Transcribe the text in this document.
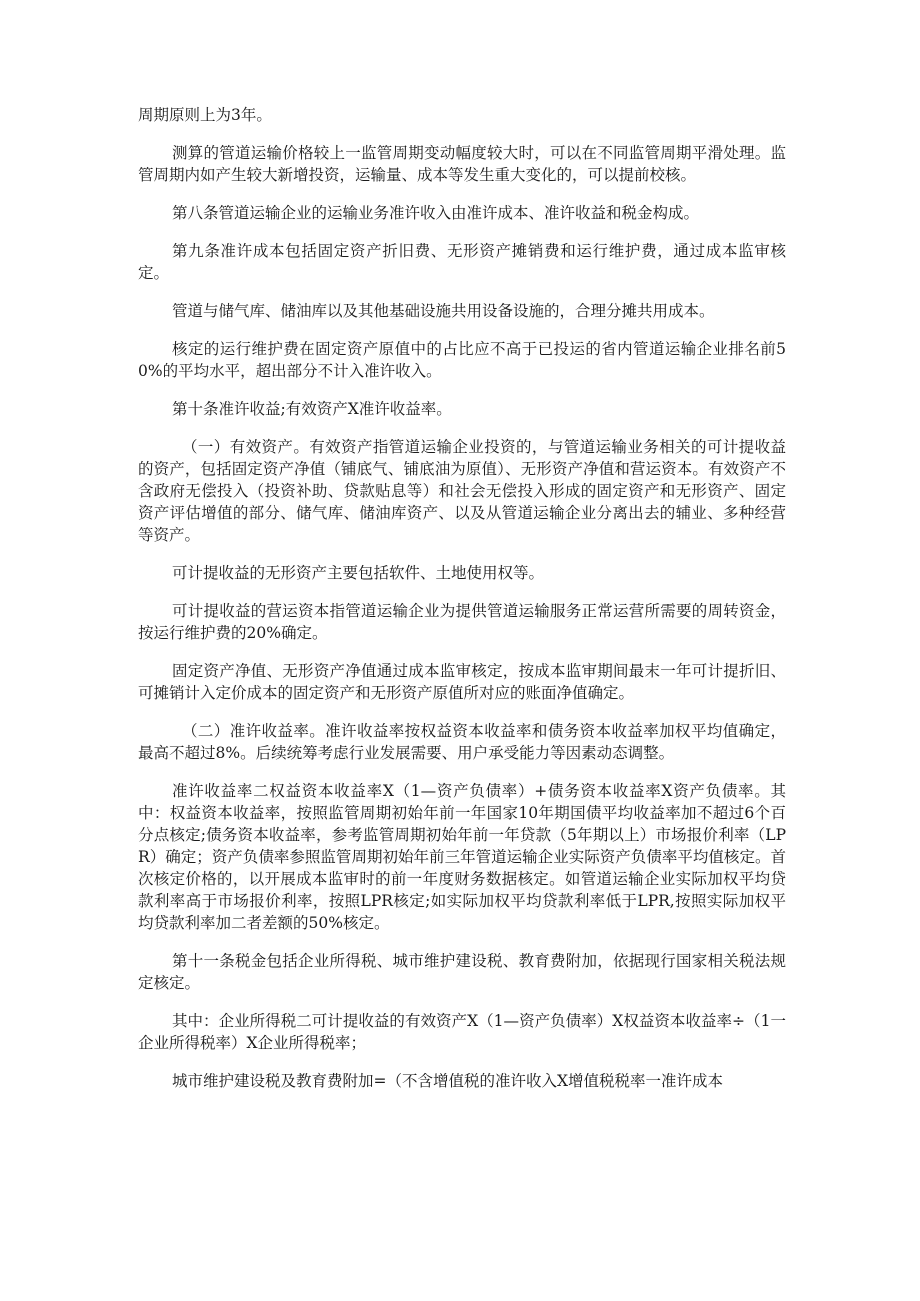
周期原则上为3年。

测算的管道运输价格较上一监管周期变动幅度较大时，可以在不同监管周期平滑处理。监管周期内如产生较大新增投资，运输量、成本等发生重大变化的，可以提前校核。

第八条管道运输企业的运输业务准许收入由准许成本、准许收益和税金构成。

第九条准许成本包括固定资产折旧费、无形资产摊销费和运行维护费，通过成本监审核定。

管道与储气库、储油库以及其他基础设施共用设备设施的，合理分摊共用成本。

核定的运行维护费在固定资产原值中的占比应不高于已投运的省内管道运输企业排名前50%的平均水平，超出部分不计入准许收入。

第十条准许收益;有效资产X准许收益率。

（一）有效资产。有效资产指管道运输企业投资的，与管道运输业务相关的可计提收益的资产，包括固定资产净值（铺底气、铺底油为原值）、无形资产净值和营运资本。有效资产不含政府无偿投入（投资补助、贷款贴息等）和社会无偿投入形成的固定资产和无形资产、固定资产评估增值的部分、储气库、储油库资产、以及从管道运输企业分离出去的辅业、多种经营等资产。

可计提收益的无形资产主要包括软件、土地使用权等。

可计提收益的营运资本指管道运输企业为提供管道运输服务正常运营所需要的周转资金，按运行维护费的20%确定。

固定资产净值、无形资产净值通过成本监审核定，按成本监审期间最末一年可计提折旧、可摊销计入定价成本的固定资产和无形资产原值所对应的账面净值确定。

（二）准许收益率。准许收益率按权益资本收益率和债务资本收益率加权平均值确定，最高不超过8%。后续统筹考虑行业发展需要、用户承受能力等因素动态调整。

准许收益率二权益资本收益率X（1—资产负债率）+债务资本收益率X资产负债率。其中：权益资本收益率，按照监管周期初始年前一年国家10年期国债平均收益率加不超过6个百分点核定;债务资本收益率，参考监管周期初始年前一年贷款（5年期以上）市场报价利率（LPR）确定；资产负债率参照监管周期初始年前三年管道运输企业实际资产负债率平均值核定。首次核定价格的，以开展成本监审时的前一年度财务数据核定。如管道运输企业实际加权平均贷款利率高于市场报价利率，按照LPR核定;如实际加权平均贷款利率低于LPR,按照实际加权平均贷款利率加二者差额的50%核定。

第十一条税金包括企业所得税、城市维护建设税、教育费附加，依据现行国家相关税法规定核定。

其中：企业所得税二可计提收益的有效资产X（1—资产负债率）X权益资本收益率÷（1一企业所得税率）X企业所得税率；

城市维护建设税及教育费附加=（不含增值税的准许收入X增值税税率一准许成本
